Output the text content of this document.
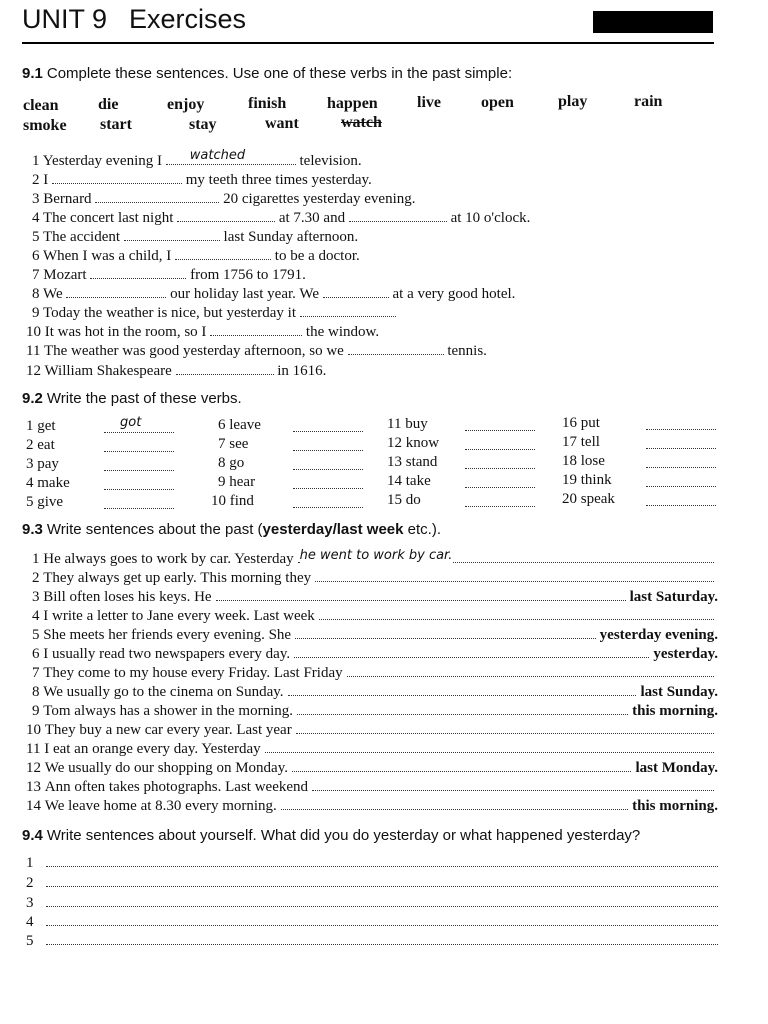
UNIT 9 Exercises
9.1 Complete these sentences. Use one of these verbs in the past simple:
clean die	enjoy	finish	happen live	open	play	rain
smoke start	stay	want	watch
1 Yesterday evening I watched	television.
2 I	my teeth three times yesterday.
3 Bernard	20 cigarettes yesterday evening.
4 The concert last night	at 7.30 and	at 10 o'clock.
5 The accident	last Sunday afternoon.
6 When I was a child, I	to be a doctor.
7 Mozart	from 1756 to 1791.
8 We	our holiday last year. We	at a very good hotel.
9 Today the weather is nice, but yesterday it
10 It was hot in the room, so I	the window.
11 The weather was good yesterday afternoon, so we	tennis.
12 William Shakespeare	in 1616.
9.2 Write the past of these verbs.
1 get	got
2 eat
3 pay
4 make
5 give
6 leave
7 see
8 go
9 hear
10 find
11 buy
12 know
13 stand
14 take
15 do
16 put
17 tell
18 lose
19 think
20 speak
9.3 Write sentences about the past (yesterday/last week etc.).
1
He always goes to work by car. Yesterday he went to work by car.
2
They always get up early. This morning they
3
Bill often loses his keys. He	last Saturday.
4
I write a letter to Jane every week. Last week
5
She meets her friends every evening. She	yesterday evening.
6
I usually read two newspapers every day.	yesterday.
7
They come to my house every Friday. Last Friday
8
We usually go to the cinema on Sunday.	last Sunday.
9
Tom always has a shower in the morning.	this morning.
10
They buy a new car every year. Last year
11
I eat an orange every day. Yesterday
12
We usually do our shopping on Monday.	last Monday.
13
Ann often takes photographs. Last weekend
14
We leave home at 8.30 every morning.	this morning.
9.4 Write sentences about yourself. What did you do yesterday or what happened yesterday?
1
2
3
4
5
